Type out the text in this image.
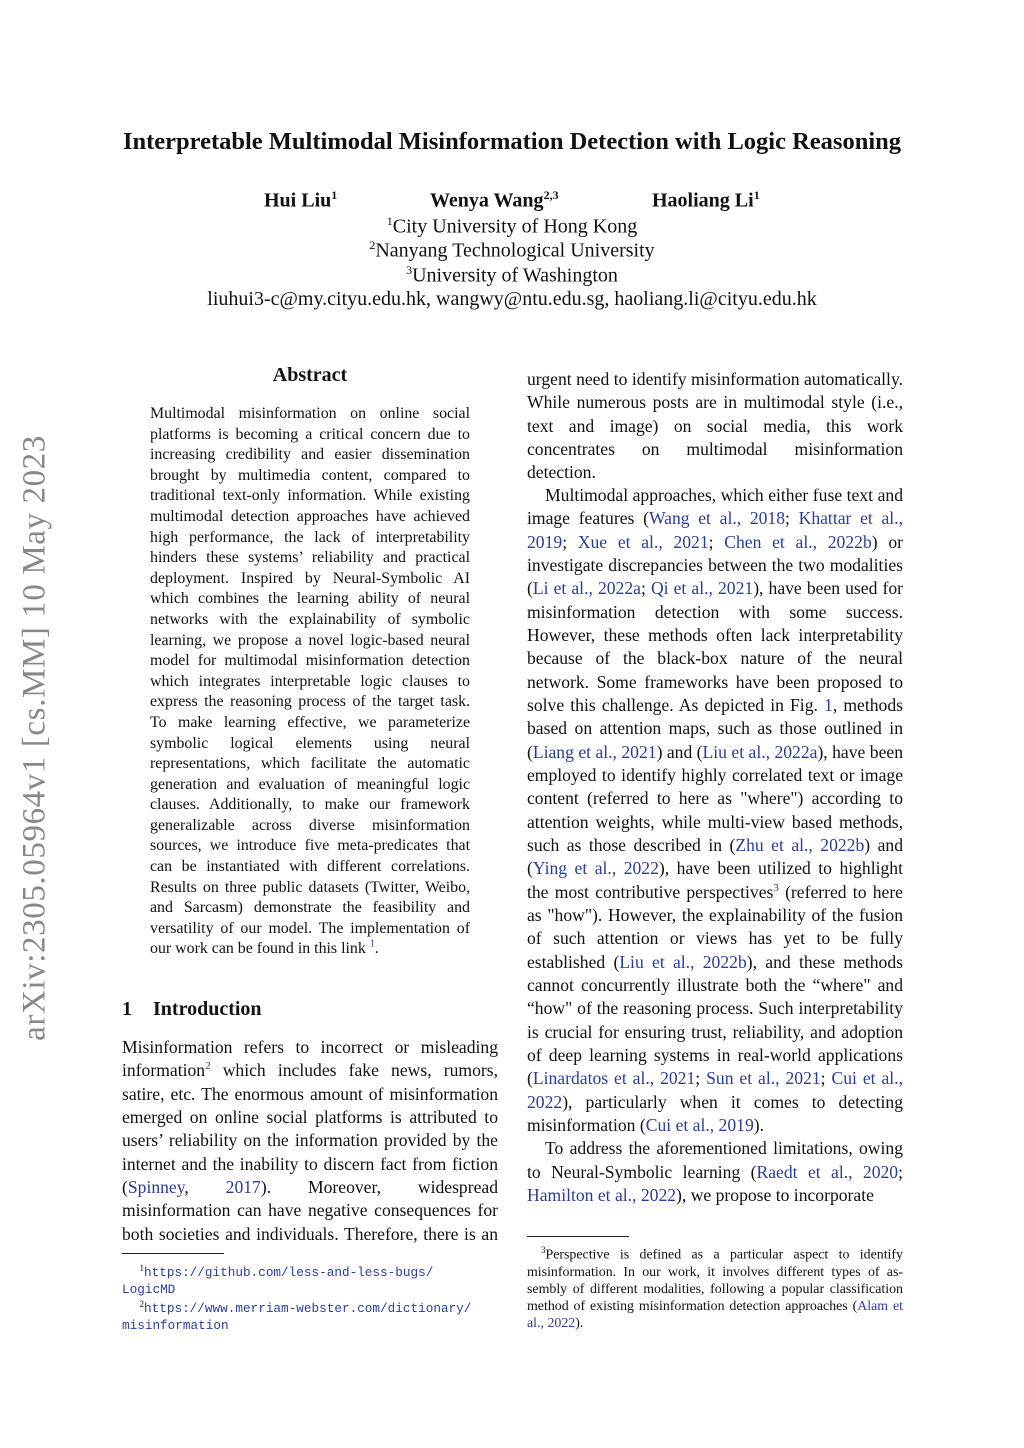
arXiv:2305.05964v1 [cs.MM] 10 May 2023
Interpretable Multimodal Misinformation Detection with Logic Reasoning
Hui Liu$^1$	Wenya Wang$^{2,3}$	Haoliang Li$^1$
$^1$City University of Hong Kong
$^2$Nanyang Technological University
$^3$University of Washington
liuhui3-c@my.cityu.edu.hk, wangwy@ntu.edu.sg, haoliang.li@cityu.edu.hk
Abstract
Multimodal misinformation on online social platforms is becoming a critical concern due to increasing credibility and easier dissemination brought by multimedia content, compared to traditional text-only information. While existing multimodal detection approaches have achieved high performance, the lack of interpretability hinders these systems’ reliability and practical deployment. Inspired by Neural-Symbolic AI which combines the learning ability of neural networks with the explainability of symbolic learning, we propose a novel logic-based neural model for multimodal misinformation detection which integrates interpretable logic clauses to express the reasoning process of the target task. To make learning effective, we parameterize symbolic logical elements using neural representations, which facilitate the automatic generation and evaluation of meaningful logic clauses. Additionally, to make our framework generalizable across diverse misinformation sources, we introduce five meta-predicates that can be instantiated with different correlations. Results on three public datasets (Twitter, Weibo, and Sarcasm) demonstrate the feasibility and versatility of our model. The implementation of our work can be found in this link $^1$.
1 Introduction

Misinformation refers to incorrect or misleading information$^2$ which includes fake news, rumors, satire, etc. The enormous amount of misinformation emerged on online social platforms is attributed to users’ reliability on the information provided by the internet and the inability to discern fact from fiction (Spinney, 2017). Moreover, widespread misinformation can have negative consequences for both societies and individuals. Therefore, there is an

urgent need to identify misinformation automatically. While numerous posts are in multimodal style (i.e., text and image) on social media, this work concentrates on multimodal misinformation detection.

Multimodal approaches, which either fuse text and image features (Wang et al., 2018; Khattar et al., 2019; Xue et al., 2021; Chen et al., 2022b) or investigate discrepancies between the two modalities (Li et al., 2022a; Qi et al., 2021), have been used for misinformation detection with some success. However, these methods often lack interpretability because of the black-box nature of the neural network. Some frameworks have been proposed to solve this challenge. As depicted in Fig. 1, methods based on attention maps, such as those outlined in (Liang et al., 2021) and (Liu et al., 2022a), have been employed to identify highly correlated text or image content (referred to here as "where") according to attention weights, while multi-view based methods, such as those described in (Zhu et al., 2022b) and (Ying et al., 2022), have been utilized to highlight the most contributive perspectives$^3$ (referred to here as "how"). However, the explainability of the fusion of such attention or views has yet to be fully established (Liu et al., 2022b), and these methods cannot concurrently illustrate both the “where" and “how" of the reasoning process. Such interpretability is crucial for ensuring trust, reliability, and adoption of deep learning systems in real-world applications (Linardatos et al., 2021; Sun et al., 2021; Cui et al., 2022), particularly when it comes to detecting misinformation (Cui et al., 2019).

To address the aforementioned limitations, owing to Neural-Symbolic learning (Raedt et al., 2020; Hamilton et al., 2022), we propose to incorporate

$^1$https://github.com/less-and-less-bugs/
LogicMD
$^2$https://www.merriam-webster.com/dictionary/
misinformation
$^3$Perspective is defined as a particular aspect to identify misinformation. In our work, it involves different types of assembly of different modalities, following a popular classification method of existing misinformation detection approaches (Alam et al., 2022).
